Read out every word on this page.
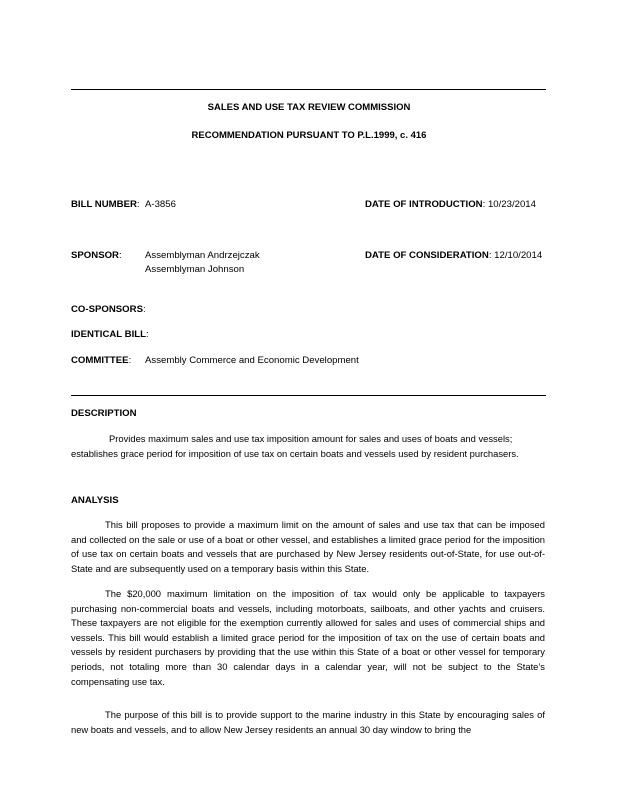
SALES AND USE TAX REVIEW COMMISSION
RECOMMENDATION PURSUANT TO P.L.1999, c. 416
BILL NUMBER: A-3856	DATE OF INTRODUCTION: 10/23/2014
SPONSOR: Assemblyman Andrzejczak
Assemblyman Johnson
DATE OF CONSIDERATION: 12/10/2014
CO-SPONSORS:
IDENTICAL BILL:
COMMITTEE: Assembly Commerce and Economic Development
DESCRIPTION
Provides maximum sales and use tax imposition amount for sales and uses of boats and vessels; establishes grace period for imposition of use tax on certain boats and vessels used by resident purchasers.
ANALYSIS
This bill proposes to provide a maximum limit on the amount of sales and use tax that can be imposed and collected on the sale or use of a boat or other vessel, and establishes a limited grace period for the imposition of use tax on certain boats and vessels that are purchased by New Jersey residents out-of-State, for use out-of-State and are subsequently used on a temporary basis within this State.
The $20,000 maximum limitation on the imposition of tax would only be applicable to taxpayers purchasing non-commercial boats and vessels, including motorboats, sailboats, and other yachts and cruisers. These taxpayers are not eligible for the exemption currently allowed for sales and uses of commercial ships and vessels. This bill would establish a limited grace period for the imposition of tax on the use of certain boats and vessels by resident purchasers by providing that the use within this State of a boat or other vessel for temporary periods, not totaling more than 30 calendar days in a calendar year, will not be subject to the State’s compensating use tax.
The purpose of this bill is to provide support to the marine industry in this State by encouraging sales of new boats and vessels, and to allow New Jersey residents an annual 30 day window to bring the
